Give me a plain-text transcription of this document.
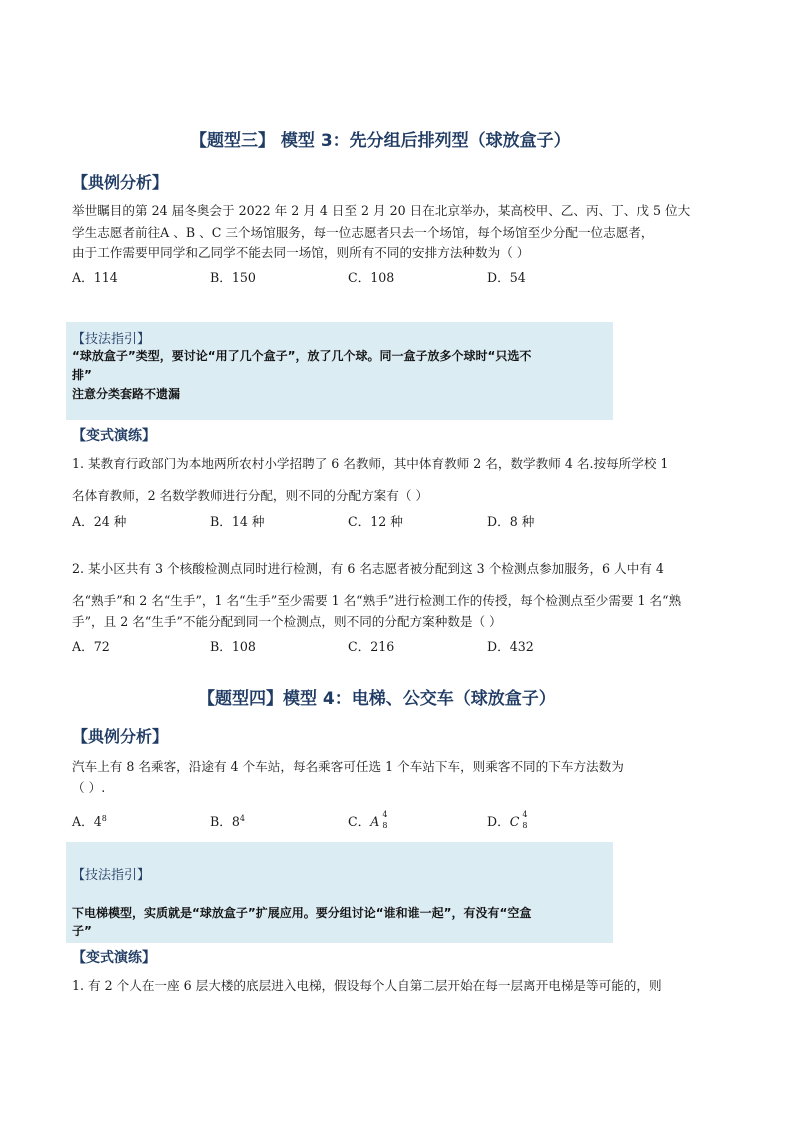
【题型三】 模型 3：先分组后排列型（球放盒子）
【典例分析】
举世瞩目的第 24 届冬奥会于 2022 年 2 月 4 日至 2 月 20 日在北京举办，某高校甲、乙、丙、丁、戊 5 位大
学生志愿者前往A 、B 、C 三个场馆服务，每一位志愿者只去一个场馆，每个场馆至少分配一位志愿者，
由于工作需要甲同学和乙同学不能去同一场馆，则所有不同的安排方法种数为（ ）
A．114	B．150	C．108	D．54
【技法指引】
“球放盒子”类型，要讨论“用了几个盒子”，放了几个球。同一盒子放多个球时“只选不
排”
注意分类套路不遗漏
【变式演练】
1. 某教育行政部门为本地两所农村小学招聘了 6 名教师，其中体育教师 2 名，数学教师 4 名.按每所学校 1
名体育教师，2 名数学教师进行分配，则不同的分配方案有（ ）
A．24 种	B．14 种	C．12 种	D．8 种
2. 某小区共有 3 个核酸检测点同时进行检测，有 6 名志愿者被分配到这 3 个检测点参加服务，6 人中有 4
名“熟手”和 2 名“生手”，1 名“生手”至少需要 1 名“熟手”进行检测工作的传授，每个检测点至少需要 1 名“熟
手”，且 2 名“生手”不能分配到同一个检测点，则不同的分配方案种数是（ ）
A．72	B．108	C．216	D．432
【题型四】模型 4：电梯、公交车（球放盒子）
【典例分析】
汽车上有 8 名乘客，沿途有 4 个车站，每名乘客可任选 1 个车站下车，则乘客不同的下车方法数为
（ ）.
A．$4^8$	B．$8^4$	C．A 4
8	D．C 4
8
【技法指引】
下电梯模型，实质就是“球放盒子”扩展应用。要分组讨论“谁和谁一起”，有没有“空盒
子”
【变式演练】
1. 有 2 个人在一座 6 层大楼的底层进入电梯，假设每个人自第二层开始在每一层离开电梯是等可能的，则
